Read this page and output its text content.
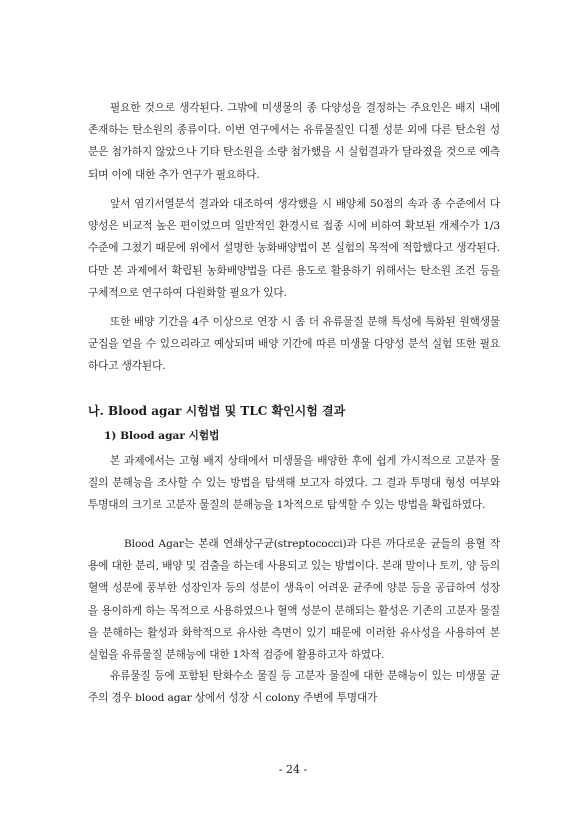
필요한 것으로 생각된다. 그밖에 미생물의 종 다양성을 결정하는 주요인은 배지 내에 존재하는 탄소원의 종류이다. 이번 연구에서는 유류물질인 디젤 성분 외에 다른 탄소원 성분은 첨가하지 않았으나 기타 탄소원을 소량 첨가했을 시 실험결과가 달라졌을 것으로 예측되며 이에 대한 추가 연구가 필요하다.

앞서 염기서열분석 결과와 대조하여 생각했을 시 배양체 50점의 속과 종 수준에서 다양성은 비교적 높은 편이었으며 일반적인 환경시료 접종 시에 비하여 확보된 개체수가 1/3 수준에 그쳤기 때문에 위에서 설명한 농화배양법이 본 실험의 목적에 적합했다고 생각된다. 다만 본 과제에서 확립된 농화배양법을 다른 용도로 활용하기 위해서는 탄소원 조건 등을 구체적으로 연구하여 다원화할 필요가 있다.

또한 배양 기간을 4주 이상으로 연장 시 좀 더 유류물질 분해 특성에 특화된 원핵생물 군집을 얻을 수 있으리라고 예상되며 배양 기간에 따른 미생물 다양성 분석 실험 또한 필요하다고 생각된다.

나. Blood agar 시험법 및 TLC 확인시험 결과
1) Blood agar 시험법

본 과제에서는 고형 배지 상태에서 미생물을 배양한 후에 쉽게 가시적으로 고분자 물질의 분해능을 조사할 수 있는 방법을 탐색해 보고자 하였다. 그 결과 투명대 형성 여부와 투명대의 크기로 고분자 물질의 분해능을 1차적으로 탐색할 수 있는 방법을 확립하였다.

Blood Agar는 본래 연쇄상구균(streptococci)과 다른 까다로운 균들의 용혈 작용에 대한 분리, 배양 및 검출을 하는데 사용되고 있는 방법이다. 본래 말이나 토끼, 양 등의 혈액 성분에 풍부한 성장인자 등의 성분이 생육이 어려운 균주에 양분 등을 공급하여 성장을 용이하게 하는 목적으로 사용하였으나 혈액 성분이 분해되는 활성은 기존의 고분자 물질을 분해하는 활성과 화학적으로 유사한 측면이 있기 때문에 이러한 유사성을 사용하여 본 실험을 유류물질 분해능에 대한 1차적 검증에 활용하고자 하였다.

유류물질 등에 포함된 탄화수소 물질 등 고분자 물질에 대한 분해능이 있는 미생물 균주의 경우 blood agar 상에서 성장 시 colony 주변에 투명대가

- 24 -
